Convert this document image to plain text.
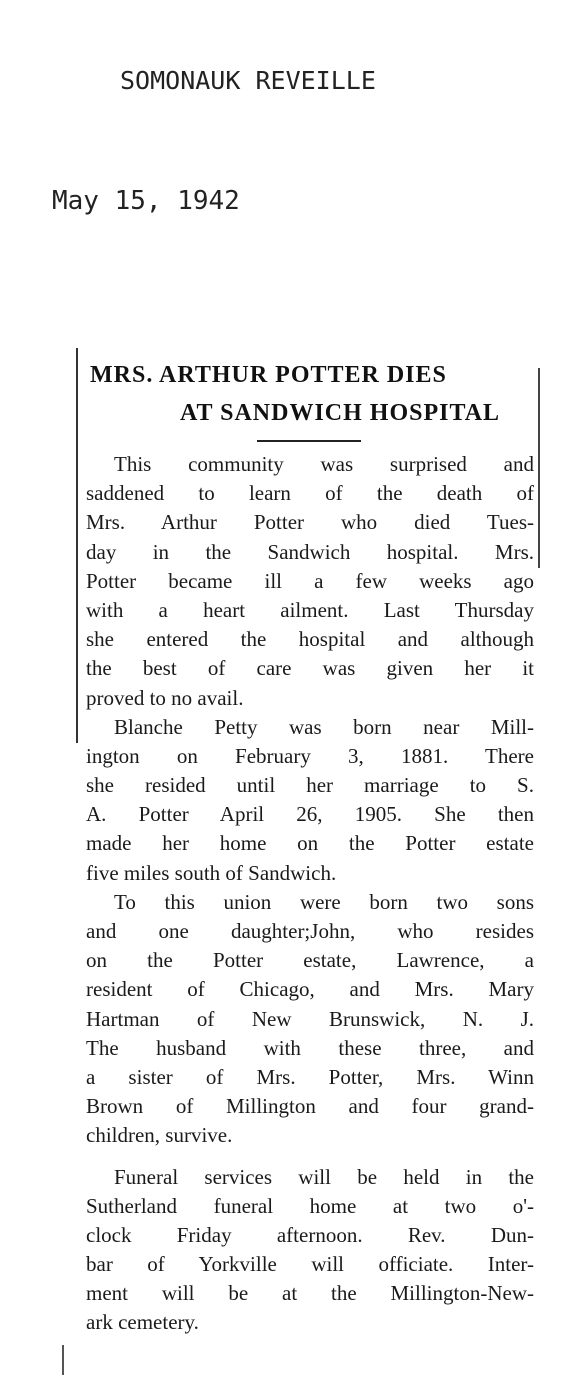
SOMONAUK REVEILLE
May 15, 1942
MRS. ARTHUR POTTER DIES
AT SANDWICH HOSPITAL
This community was surprised and
saddened to learn of the death of
Mrs. Arthur Potter who died Tues-
day in the Sandwich hospital. Mrs.
Potter became ill a few weeks ago
with a heart ailment. Last Thursday
she entered the hospital and although
the best of care was given her it
proved to no avail.
Blanche Petty was born near Mill-
ington on February 3, 1881. There
she resided until her marriage to S.
A. Potter April 26, 1905. She then
made her home on the Potter estate
five miles south of Sandwich.
To this union were born two sons
and one daughter;John, who resides
on the Potter estate, Lawrence, a
resident of Chicago, and Mrs. Mary
Hartman of New Brunswick, N. J.
The husband with these three, and
a sister of Mrs. Potter, Mrs. Winn
Brown of Millington and four grand-
children, survive.
Funeral services will be held in the
Sutherland funeral home at two o'-
clock Friday afternoon. Rev. Dun-
bar of Yorkville will officiate. Inter-
ment will be at the Millington-New-
ark cemetery.
